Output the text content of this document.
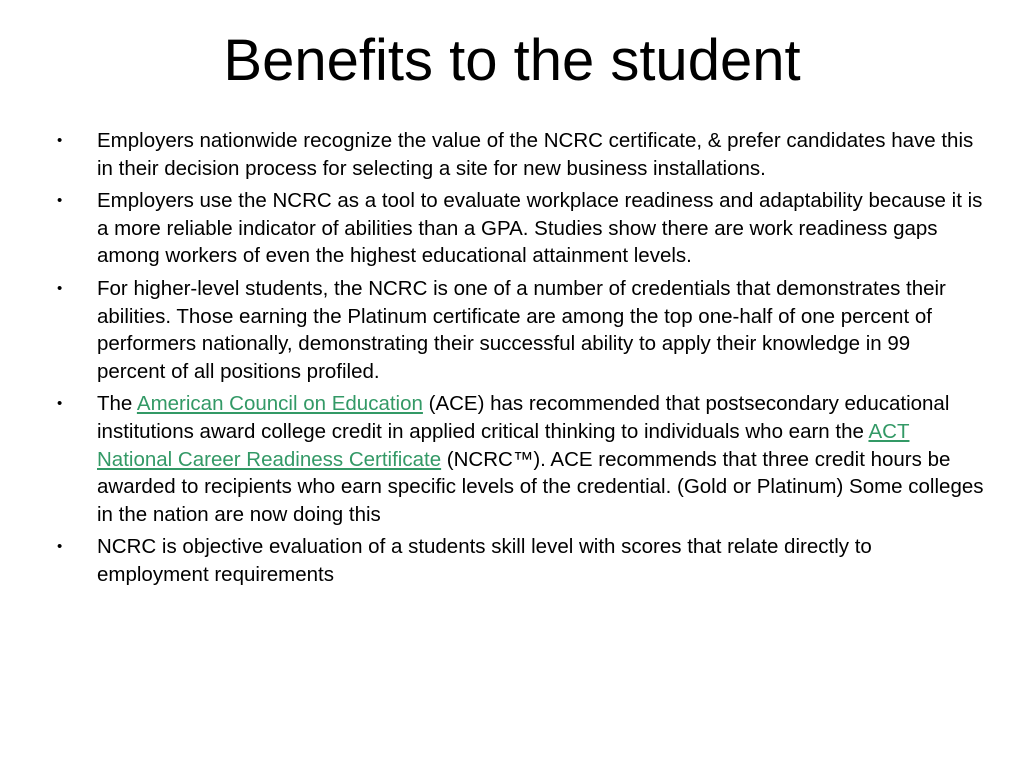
Benefits to the student
• Employers nationwide recognize the value of the NCRC certificate, & prefer candidates have this in their decision process for selecting a site for new business installations.
• Employers use the NCRC as a tool to evaluate workplace readiness and adaptability because it is a more reliable indicator of abilities than a GPA. Studies show there are work readiness gaps among workers of even the highest educational attainment levels.
• For higher-level students, the NCRC is one of a number of credentials that demonstrates their abilities. Those earning the Platinum certificate are among the top one-half of one percent of performers nationally, demonstrating their successful ability to apply their knowledge in 99 percent of all positions profiled.
• The American Council on Education (ACE) has recommended that postsecondary educational institutions award college credit in applied critical thinking to individuals who earn the ACT National Career Readiness Certificate (NCRC™). ACE recommends that three credit hours be awarded to recipients who earn specific levels of the credential. (Gold or Platinum) Some colleges in the nation are now doing this
• NCRC is objective evaluation of a students skill level with scores that relate directly to employment requirements
